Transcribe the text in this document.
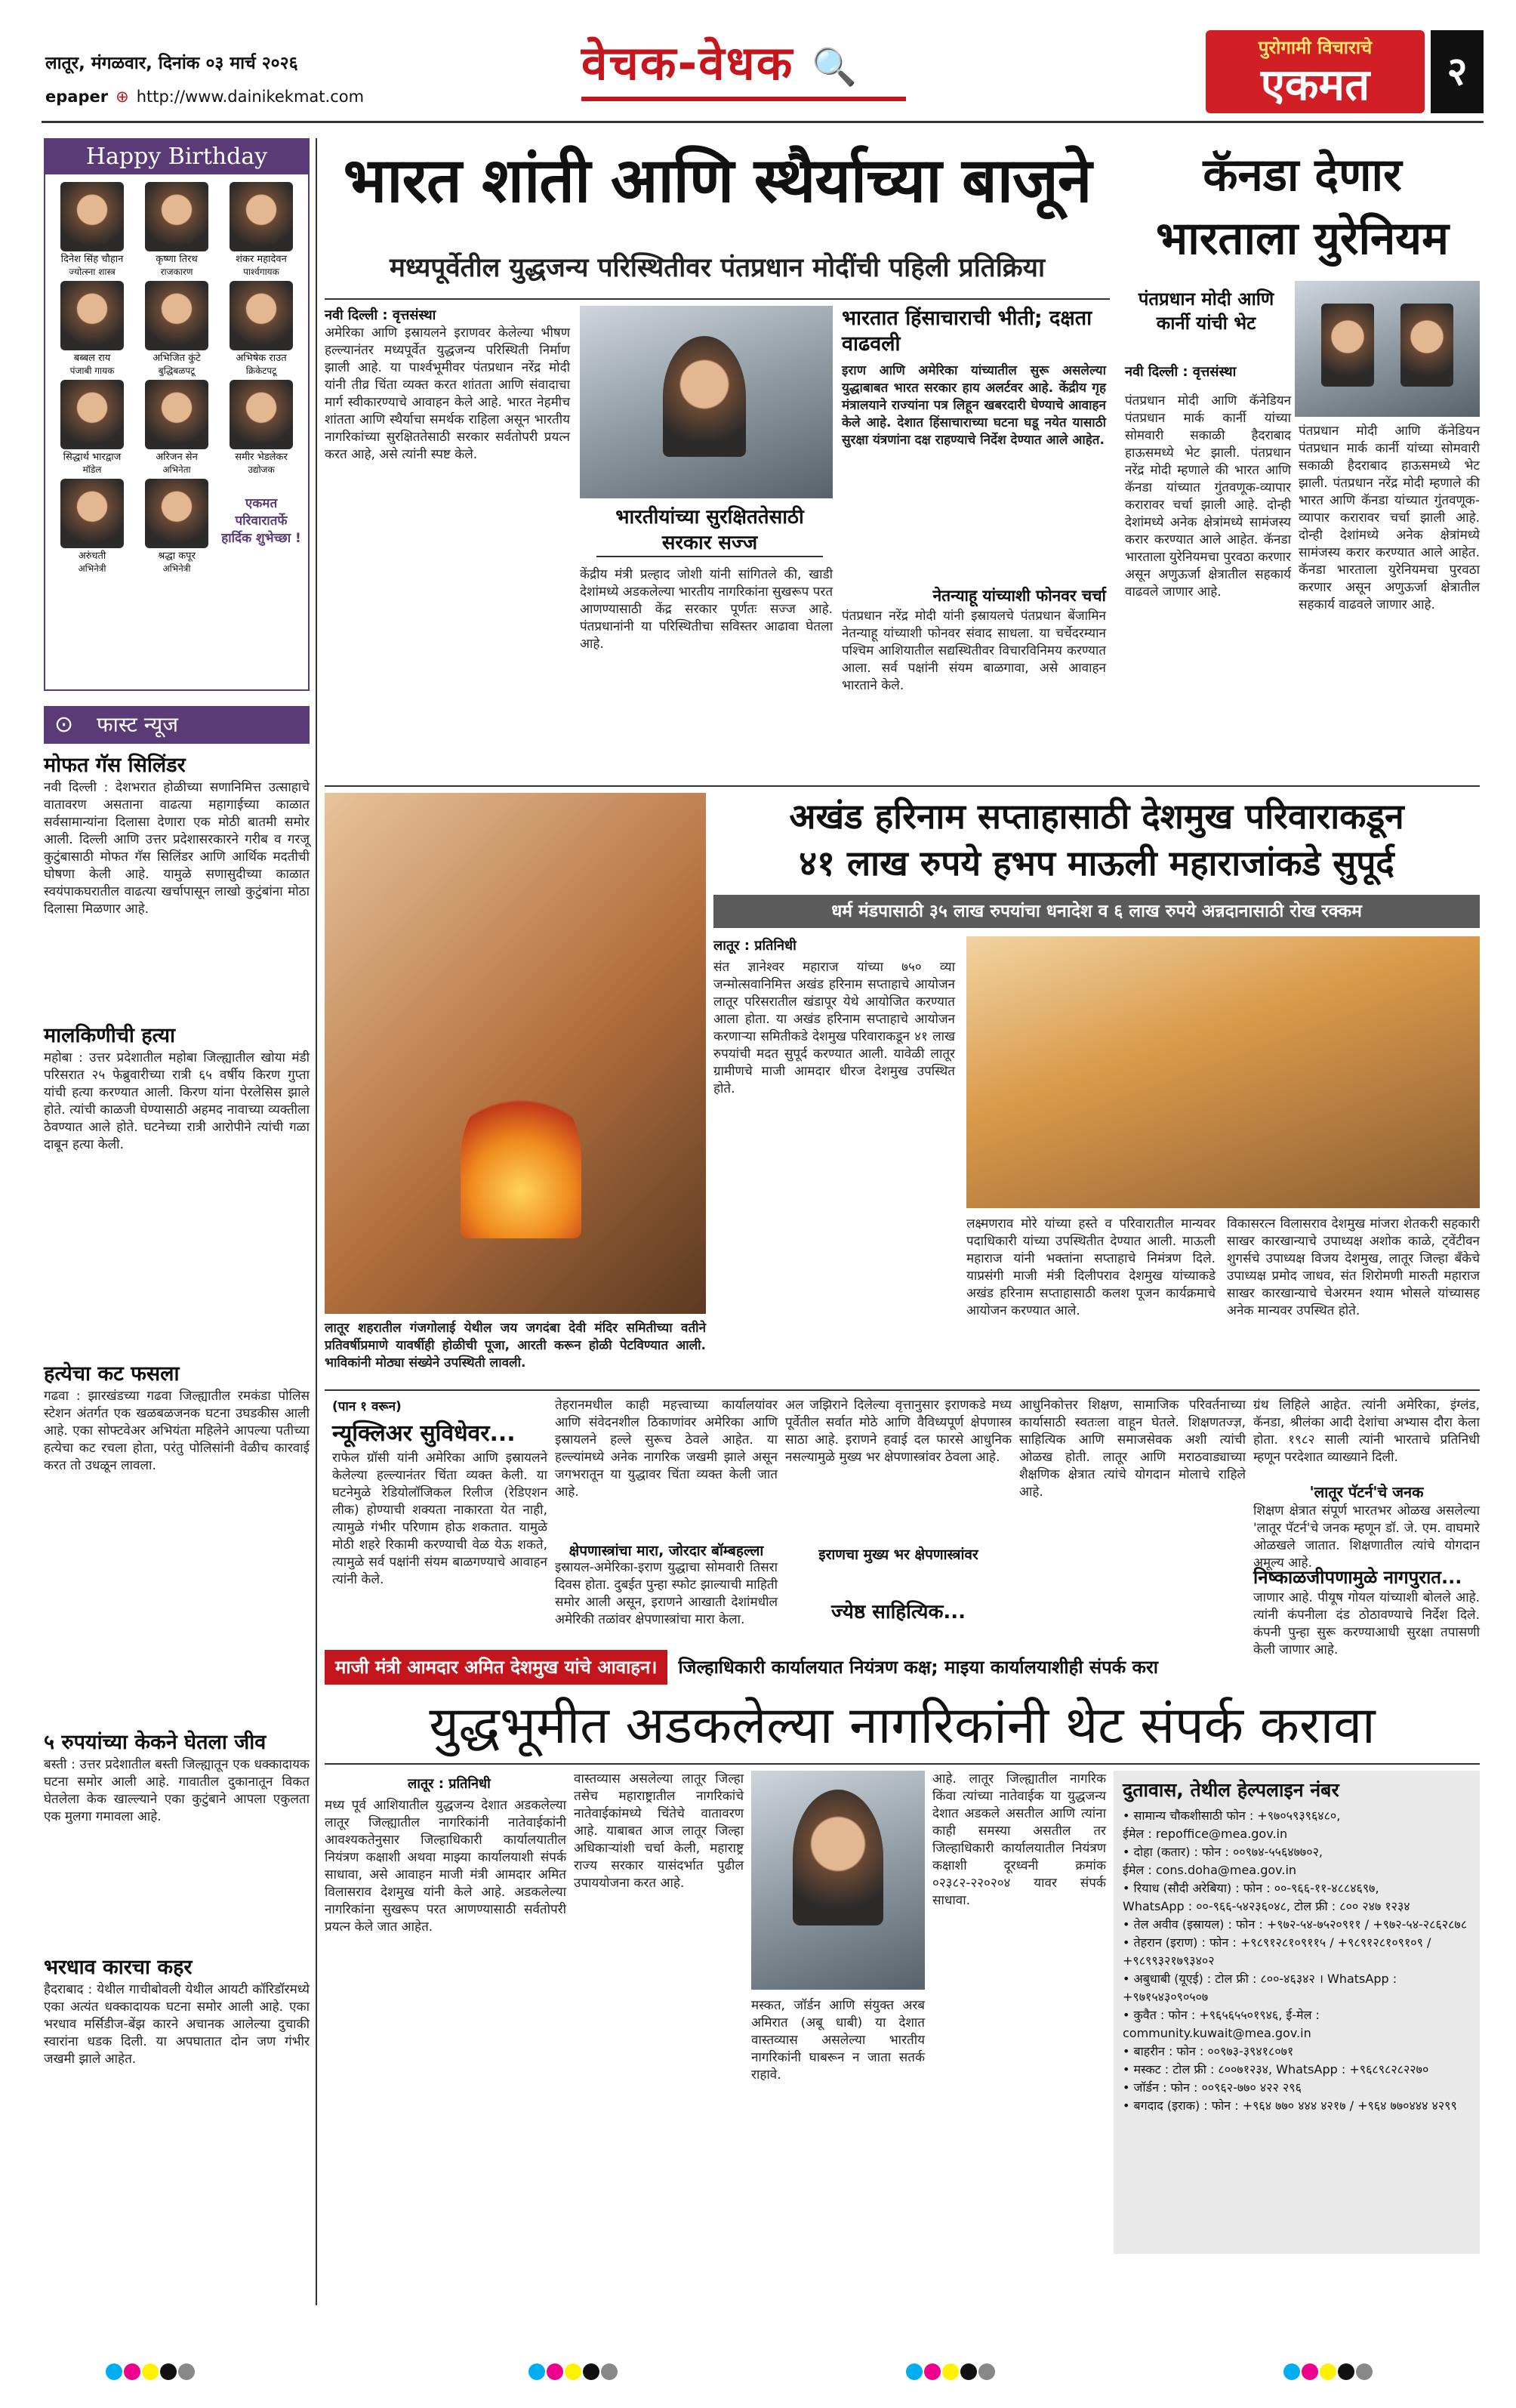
लातूर, मंगळवार, दिनांक ०३ मार्च २०२६
epaper ⊕ http://www.dainikekmat.com
वेचक-वेधक 🔍	पुरोगामी विचाराचे
एकमत	२
Happy Birthday
दिनेश सिंह चौहान
ज्योत्स्ना शास्त्र
कृष्णा तिरथ
राजकारण
शंकर महादेवन
पार्श्वगायक
बब्बल राय
पंजाबी गायक
अभिजित कुंटे
बुद्धिबळपटू
अभिषेक राउत
क्रिकेटपटू
सिद्धार्थ भारद्वाज
मॉडेल
अरिजन सेन
अभिनेता
समीर भेडलेकर
उद्योजक
अरुंधती
अभिनेत्री
श्रद्धा कपूर
अभिनेत्री
एकमत परिवारातर्फे हार्दिक शुभेच्छा !
⊙ फास्ट न्यूज
मोफत गॅस सिलिंडर
नवी दिल्ली : देशभरात होळीच्या सणानिमित्त उत्साहाचे वातावरण असताना वाढत्या महागाईच्या काळात सर्वसामान्यांना दिलासा देणारा एक मोठी बातमी समोर आली. दिल्ली आणि उत्तर प्रदेशासरकारने गरीब व गरजू कुटुंबासाठी मोफत गॅस सिलिंडर आणि आर्थिक मदतीची घोषणा केली आहे. यामुळे सणासुदीच्या काळात स्वयंपाकघरातील वाढत्या खर्चापासून लाखो कुटुंबांना मोठा दिलासा मिळणार आहे.
मालकिणीची हत्या
महोबा : उत्तर प्रदेशातील महोबा जिल्ह्यातील खोया मंडी परिसरात २५ फेब्रुवारीच्या रात्री ६५ वर्षीय किरण गुप्ता यांची हत्या करण्यात आली. किरण यांना पेरलेसिस झाले होते. त्यांची काळजी घेण्यासाठी अहमद नावाच्या व्यक्तीला ठेवण्यात आले होते. घटनेच्या रात्री आरोपीने त्यांची गळा दाबून हत्या केली.
हत्येचा कट फसला
गढवा : झारखंडच्या गढवा जिल्ह्यातील रमकंडा पोलिस स्टेशन अंतर्गत एक खळबळजनक घटना उघडकीस आली आहे. एका सोफ्टवेअर अभियंता महिलेने आपल्या पतीच्या हत्येचा कट रचला होता, परंतु पोलिसांनी वेळीच कारवाई करत तो उधळून लावला.
५ रुपयांच्या केकने घेतला जीव
बस्ती : उत्तर प्रदेशातील बस्ती जिल्ह्यातून एक धक्कादायक घटना समोर आली आहे. गावातील दुकानातून विकत घेतलेला केक खाल्ल्याने एका कुटुंबाने आपला एकुलता एक मुलगा गमावला आहे.
भरधाव कारचा कहर
हैदराबाद : येथील गाचीबोवली येथील आयटी कॉरिडॉरमध्ये एका अत्यंत धक्कादायक घटना समोर आली आहे. एका भरधाव मर्सिडीज-बेंझ कारने अचानक आलेल्या दुचाकी स्वारांना धडक दिली. या अपघातात दोन जण गंभीर जखमी झाले आहेत.
भारत शांती आणि स्थैर्याच्या बाजूने
मध्यपूर्वेतील युद्धजन्य परिस्थितीवर पंतप्रधान मोदींची पहिली प्रतिक्रिया
नवी दिल्ली : वृत्तसंस्था
अमेरिका आणि इस्रायलने इराणवर केलेल्या भीषण हल्ल्यानंतर मध्यपूर्वेत युद्धजन्य परिस्थिती निर्माण झाली आहे. या पार्श्वभूमीवर पंतप्रधान नरेंद्र मोदी यांनी तीव्र चिंता व्यक्त करत शांतता आणि संवादाचा मार्ग स्वीकारण्याचे आवाहन केले आहे. भारत नेहमीच शांतता आणि स्थैर्याचा समर्थक राहिला असून भारतीय नागरिकांच्या सुरक्षिततेसाठी सरकार सर्वतोपरी प्रयत्न करत आहे, असे त्यांनी स्पष्ट केले.
भारतीयांच्या सुरक्षिततेसाठी सरकार सज्ज
केंद्रीय मंत्री प्रल्हाद जोशी यांनी सांगितले की, खाडी देशांमध्ये अडकलेल्या भारतीय नागरिकांना सुखरूप परत आणण्यासाठी केंद्र सरकार पूर्णतः सज्ज आहे. पंतप्रधानांनी या परिस्थितीचा सविस्तर आढावा घेतला आहे.
भारतात हिंसाचाराची भीती; दक्षता वाढवली
इराण आणि अमेरिका यांच्यातील सुरू असलेल्या युद्धाबाबत भारत सरकार हाय अलर्टवर आहे. केंद्रीय गृह मंत्रालयाने राज्यांना पत्र लिहून खबरदारी घेण्याचे आवाहन केले आहे. देशात हिंसाचाराच्या घटना घडू नयेत यासाठी सुरक्षा यंत्रणांना दक्ष राहण्याचे निर्देश देण्यात आले आहेत.
नेतन्याहू यांच्याशी फोनवर चर्चा
पंतप्रधान नरेंद्र मोदी यांनी इस्रायलचे पंतप्रधान बेंजामिन नेतन्याहू यांच्याशी फोनवर संवाद साधला. या चर्चेदरम्यान पश्चिम आशियातील सद्यस्थितीवर विचारविनिमय करण्यात आला. सर्व पक्षांनी संयम बाळगावा, असे आवाहन भारताने केले.
कॅनडा देणार भारताला युरेनियम
पंतप्रधान मोदी आणि कार्नी यांची भेट
नवी दिल्ली : वृत्तसंस्था
पंतप्रधान मोदी आणि कॅनेडियन पंतप्रधान मार्क कार्नी यांच्या सोमवारी सकाळी हैदराबाद हाऊसमध्ये भेट झाली. पंतप्रधान नरेंद्र मोदी म्हणाले की भारत आणि कॅनडा यांच्यात गुंतवणूक-व्यापार करारावर चर्चा झाली आहे. दोन्ही देशांमध्ये अनेक क्षेत्रांमध्ये सामंजस्य करार करण्यात आले आहेत. कॅनडा भारताला युरेनियमचा पुरवठा करणार असून अणुऊर्जा क्षेत्रातील सहकार्य वाढवले जाणार आहे.
पंतप्रधान मोदी आणि कॅनेडियन पंतप्रधान मार्क कार्नी यांच्या सोमवारी सकाळी हैदराबाद हाऊसमध्ये भेट झाली. पंतप्रधान नरेंद्र मोदी म्हणाले की भारत आणि कॅनडा यांच्यात गुंतवणूक-व्यापार करारावर चर्चा झाली आहे. दोन्ही देशांमध्ये अनेक क्षेत्रांमध्ये सामंजस्य करार करण्यात आले आहेत. कॅनडा भारताला युरेनियमचा पुरवठा करणार असून अणुऊर्जा क्षेत्रातील सहकार्य वाढवले जाणार आहे.
लातूर शहरातील गंजगोलाई येथील जय जगदंबा देवी मंदिर समितीच्या वतीने प्रतिवर्षीप्रमाणे यावर्षीही होळीची पूजा, आरती करून होळी पेटविण्यात आली. भाविकांनी मोठ्या संख्येने उपस्थिती लावली.
अखंड हरिनाम सप्ताहासाठी देशमुख परिवाराकडून
४१ लाख रुपये हभप माऊली महाराजांकडे सुपूर्द
धर्म मंडपासाठी ३५ लाख रुपयांचा धनादेश व ६ लाख रुपये अन्नदानासाठी रोख रक्कम
लातूर : प्रतिनिधी
संत ज्ञानेश्वर महाराज यांच्या ७५० व्या जन्मोत्सवानिमित्त अखंड हरिनाम सप्ताहाचे आयोजन लातूर परिसरातील खंडापूर येथे आयोजित करण्यात आला होता. या अखंड हरिनाम सप्ताहाचे आयोजन करणाऱ्या समितीकडे देशमुख परिवाराकडून ४१ लाख रुपयांची मदत सुपूर्द करण्यात आली. यावेळी लातूर ग्रामीणचे माजी आमदार धीरज देशमुख उपस्थित होते.
लक्ष्मणराव मोरे यांच्या हस्ते व परिवारातील मान्यवर पदाधिकारी यांच्या उपस्थितीत देण्यात आली. माऊली महाराज यांनी भक्तांना सप्ताहाचे निमंत्रण दिले. याप्रसंगी माजी मंत्री दिलीपराव देशमुख यांच्याकडे अखंड हरिनाम सप्ताहासाठी कलश पूजन कार्यक्रमाचे आयोजन करण्यात आले.
विकासरत्न विलासराव देशमुख मांजरा शेतकरी सहकारी साखर कारखान्याचे उपाध्यक्ष अशोक काळे, ट्वेंटीवन शुगर्सचे उपाध्यक्ष विजय देशमुख, लातूर जिल्हा बँकेचे उपाध्यक्ष प्रमोद जाधव, संत शिरोमणी मारुती महाराज साखर कारखान्याचे चेअरमन श्याम भोसले यांच्यासह अनेक मान्यवर उपस्थित होते.
(पान १ वरून)
न्यूक्लिअर सुविधेवर...
राफेल ग्रॉसी यांनी अमेरिका आणि इस्रायलने केलेल्या हल्ल्यानंतर चिंता व्यक्त केली. या घटनेमुळे रेडियोलॉजिकल रिलीज (रेडिएशन लीक) होण्याची शक्यता नाकारता येत नाही, त्यामुळे गंभीर परिणाम होऊ शकतात. यामुळे मोठी शहरे रिकामी करण्याची वेळ येऊ शकते, त्यामुळे सर्व पक्षांनी संयम बाळगण्याचे आवाहन त्यांनी केले.
तेहरानमधील काही महत्त्वाच्या कार्यालयांवर आणि संवेदनशील ठिकाणांवर अमेरिका आणि इस्रायलने हल्ले सुरूच ठेवले आहेत. या हल्ल्यांमध्ये अनेक नागरिक जखमी झाले असून जगभरातून या युद्धावर चिंता व्यक्त केली जात आहे.
क्षेपणास्त्रांचा मारा, जोरदार बॉम्बहल्ला
इस्रायल-अमेरिका-इराण युद्धाचा सोमवारी तिसरा दिवस होता. दुबईत पुन्हा स्फोट झाल्याची माहिती समोर आली असून, इराणने आखाती देशांमधील अमेरिकी तळांवर क्षेपणास्त्रांचा मारा केला.
अल जझिराने दिलेल्या वृत्तानुसार इराणकडे मध्य पूर्वेतील सर्वात मोठे आणि वैविध्यपूर्ण क्षेपणास्त्र साठा आहे. इराणने हवाई दल फारसे आधुनिक नसल्यामुळे मुख्य भर क्षेपणास्त्रांवर ठेवला आहे.
इराणचा मुख्य भर क्षेपणास्त्रांवर
ज्येष्ठ साहित्यिक...
आधुनिकोत्तर शिक्षण, सामाजिक परिवर्तनाच्या कार्यासाठी स्वतःला वाहून घेतले. शिक्षणतज्ज्ञ, साहित्यिक आणि समाजसेवक अशी त्यांची ओळख होती. लातूर आणि मराठवाड्याच्या शैक्षणिक क्षेत्रात त्यांचे योगदान मोलाचे राहिले आहे.
ग्रंथ लिहिले आहेत. त्यांनी अमेरिका, इंग्लंड, कॅनडा, श्रीलंका आदी देशांचा अभ्यास दौरा केला होता. १९८२ साली त्यांनी भारताचे प्रतिनिधी म्हणून परदेशात व्याख्याने दिली.
'लातूर पॅटर्न'चे जनक
शिक्षण क्षेत्रात संपूर्ण भारतभर ओळख असलेल्या 'लातूर पॅटर्न'चे जनक म्हणून डॉ. जे. एम. वाघमारे ओळखले जातात. शिक्षणातील त्यांचे योगदान अमूल्य आहे.
निष्काळजीपणामुळे नागपुरात...
जाणार आहे. पीयूष गोयल यांच्याशी बोलले आहे. त्यांनी कंपनीला दंड ठोठावण्याचे निर्देश दिले. कंपनी पुन्हा सुरू करण्याआधी सुरक्षा तपासणी केली जाणार आहे.
माजी मंत्री आमदार अमित देशमुख यांचे आवाहन।	जिल्हाधिकारी कार्यालयात नियंत्रण कक्ष; माइया कार्यालयाशीही संपर्क करा
युद्धभूमीत अडकलेल्या नागरिकांनी थेट संपर्क करावा
लातूर : प्रतिनिधी
मध्य पूर्व आशियातील युद्धजन्य देशात अडकलेल्या लातूर जिल्ह्यातील नागरिकांनी नातेवाईकांनी आवश्यकतेनुसार जिल्हाधिकारी कार्यालयातील नियंत्रण कक्षाशी अथवा माझ्या कार्यालयाशी संपर्क साधावा, असे आवाहन माजी मंत्री आमदार अमित विलासराव देशमुख यांनी केले आहे. अडकलेल्या नागरिकांना सुखरूप परत आणण्यासाठी सर्वतोपरी प्रयत्न केले जात आहेत.
वास्तव्यास असलेल्या लातूर जिल्हा तसेच महाराष्ट्रातील नागरिकांचे नातेवाईकांमध्ये चिंतेचे वातावरण आहे. याबाबत आज लातूर जिल्हा अधिकाऱ्यांशी चर्चा केली, महाराष्ट्र राज्य सरकार यासंदर्भात पुढील उपाययोजना करत आहे.
मस्कत, जॉर्डन आणि संयुक्त अरब अमिरात (अबू धाबी) या देशात वास्तव्यास असलेल्या भारतीय नागरिकांनी घाबरून न जाता सतर्क राहावे.
आहे. लातूर जिल्ह्यातील नागरिक किंवा त्यांच्या नातेवाईक या युद्धजन्य देशात अडकले असतील आणि त्यांना काही समस्या असतील तर जिल्हाधिकारी कार्यालयातील नियंत्रण कक्षाशी दूरध्वनी क्रमांक ०२३८२-२२०२०४ यावर संपर्क साधावा.
दुतावास, तेथील हेल्पलाइन नंबर
• सामान्य चौकशीसाठी फोन : +९७०५९३९६४८०,
ईमेल : repoffice@mea.gov.in
• दोहा (कतार) : फोन : ००९७४-५५६४७७०२,
ईमेल : cons.doha@mea.gov.in
• रियाध (सौदी अरेबिया) : फोन : ००-९६६-११-४८८४६९७,
WhatsApp : ००-९६६-५४२३६०४८, टोल फ्री : ८०० २४७ १२३४
• तेल अवीव (इस्रायल) : फोन : +९७२-५४-७५२०९११ / +९७२-५४-२८६२८७८
• तेहरान (इराण) : फोन : +९८९१२८१०९११५ / +९८९१२८१०९१०९ / +९८९९३२१७९३४०२
• अबुधाबी (यूएई) : टोल फ्री : ८००-४६३४२ । WhatsApp : +९७१५४३०९०५०७
• कुवैत : फोन : +९६५६५५०१९४६, ई-मेल : community.kuwait@mea.gov.in
• बाहरीन : फोन : ००९७३-३९४१८०७१
• मस्कट : टोल फ्री : ८००७१२३४, WhatsApp : +९६८९८२८२२७०
• जॉर्डन : फोन : ००९६२-७७० ४२२ २९६
• बगदाद (इराक) : फोन : +९६४ ७७० ४४४ ४२१७ / +९६४ ७७०४४४ ४२९९
